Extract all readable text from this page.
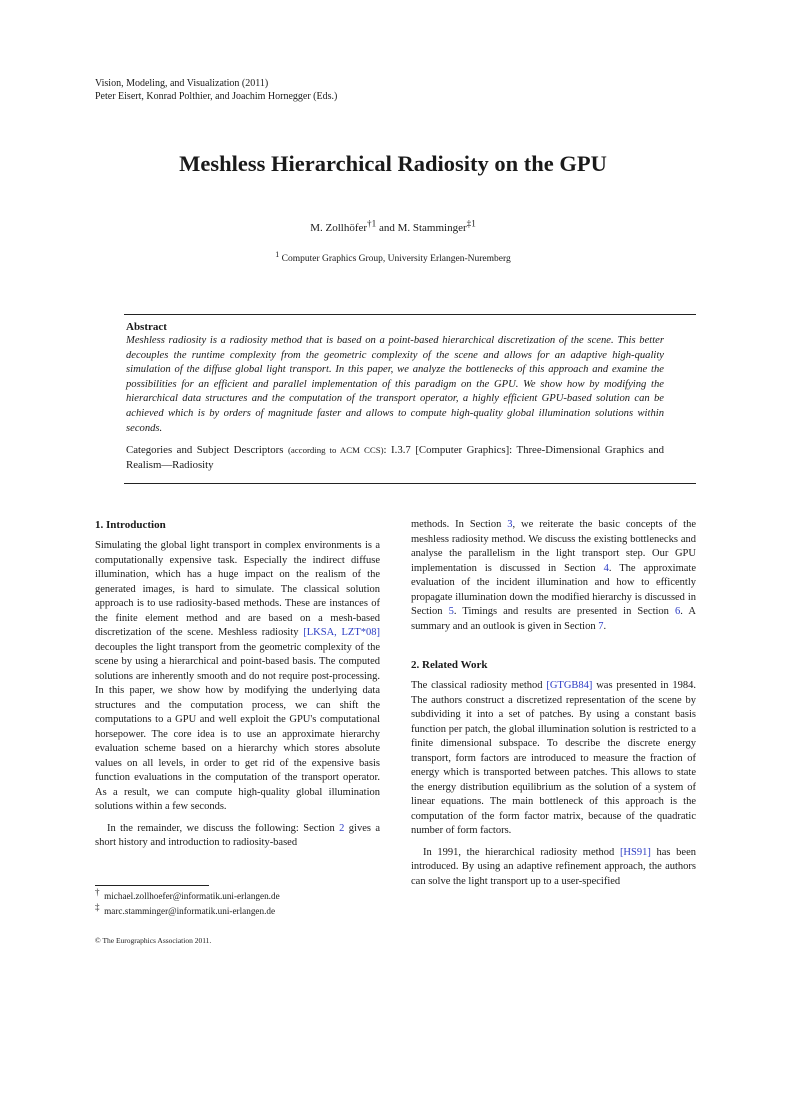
Vision, Modeling, and Visualization (2011)
Peter Eisert, Konrad Polthier, and Joachim Hornegger (Eds.)
Meshless Hierarchical Radiosity on the GPU
M. Zollhöfer$^{\dagger 1}$ and M. Stamminger$^{\ddagger 1}$
$^1$ Computer Graphics Group, University Erlangen-Nuremberg
Abstract

Meshless radiosity is a radiosity method that is based on a point-based hierarchical discretization of the scene. This better decouples the runtime complexity from the geometric complexity of the scene and allows for an adaptive high-quality simulation of the diffuse global light transport. In this paper, we analyze the bottlenecks of this approach and examine the possibilities for an efficient and parallel implementation of this paradigm on the GPU. We show how by modifying the hierarchical data structures and the computation of the transport operator, a highly efficient GPU-based solution can be achieved which is by orders of magnitude faster and allows to compute high-quality global illumination solutions within seconds.

Categories and Subject Descriptors (according to ACM CCS): I.3.7 [Computer Graphics]: Three-Dimensional Graphics and Realism—Radiosity

1. Introduction

Simulating the global light transport in complex environments is a computationally expensive task. Especially the indirect diffuse illumination, which has a huge impact on the realism of the generated images, is hard to simulate. The classical solution approach is to use radiosity-based methods. These are instances of the finite element method and are based on a mesh-based discretization of the scene. Meshless radiosity [LKSA, LZT*08] decouples the light transport from the geometric complexity of the scene by using a hierarchical and point-based basis. The computed solutions are inherently smooth and do not require post-processing. In this paper, we show how by modifying the underlying data structures and the computation process, we can shift the computations to a GPU and well exploit the GPU's computational horsepower. The core idea is to use an approximate hierarchy evaluation scheme based on a hierarchy which stores absolute values on all levels, in order to get rid of the expensive basis function evaluations in the computation of the transport operator. As a result, we can compute high-quality global illumination solutions within a few seconds.

In the remainder, we discuss the following: Section 2 gives a short history and introduction to radiosity-based

methods. In Section 3, we reiterate the basic concepts of the meshless radiosity method. We discuss the existing bottlenecks and analyse the parallelism in the light transport step. Our GPU implementation is discussed in Section 4. The approximate evaluation of the incident illumination and how to efficently propagate illumination down the modified hierarchy is discussed in Section 5. Timings and results are presented in Section 6. A summary and an outlook is given in Section 7.

2. Related Work

The classical radiosity method [GTGB84] was presented in 1984. The authors construct a discretized representation of the scene by subdividing it into a set of patches. By using a constant basis function per patch, the global illumination solution is restricted to a finite dimensional subspace. To describe the discrete energy transport, form factors are introduced to measure the fraction of energy which is transported between patches. This allows to state the energy distribution equilibrium as the solution of a system of linear equations. The main bottleneck of this approach is the computation of the form factor matrix, because of the quadratic number of form factors.

In 1991, the hierarchical radiosity method [HS91] has been introduced. By using an adaptive refinement approach, the authors can solve the light transport up to a user-specified

† michael.zollhoefer@informatik.uni-erlangen.de
‡ marc.stamminger@informatik.uni-erlangen.de
© The Eurographics Association 2011.
